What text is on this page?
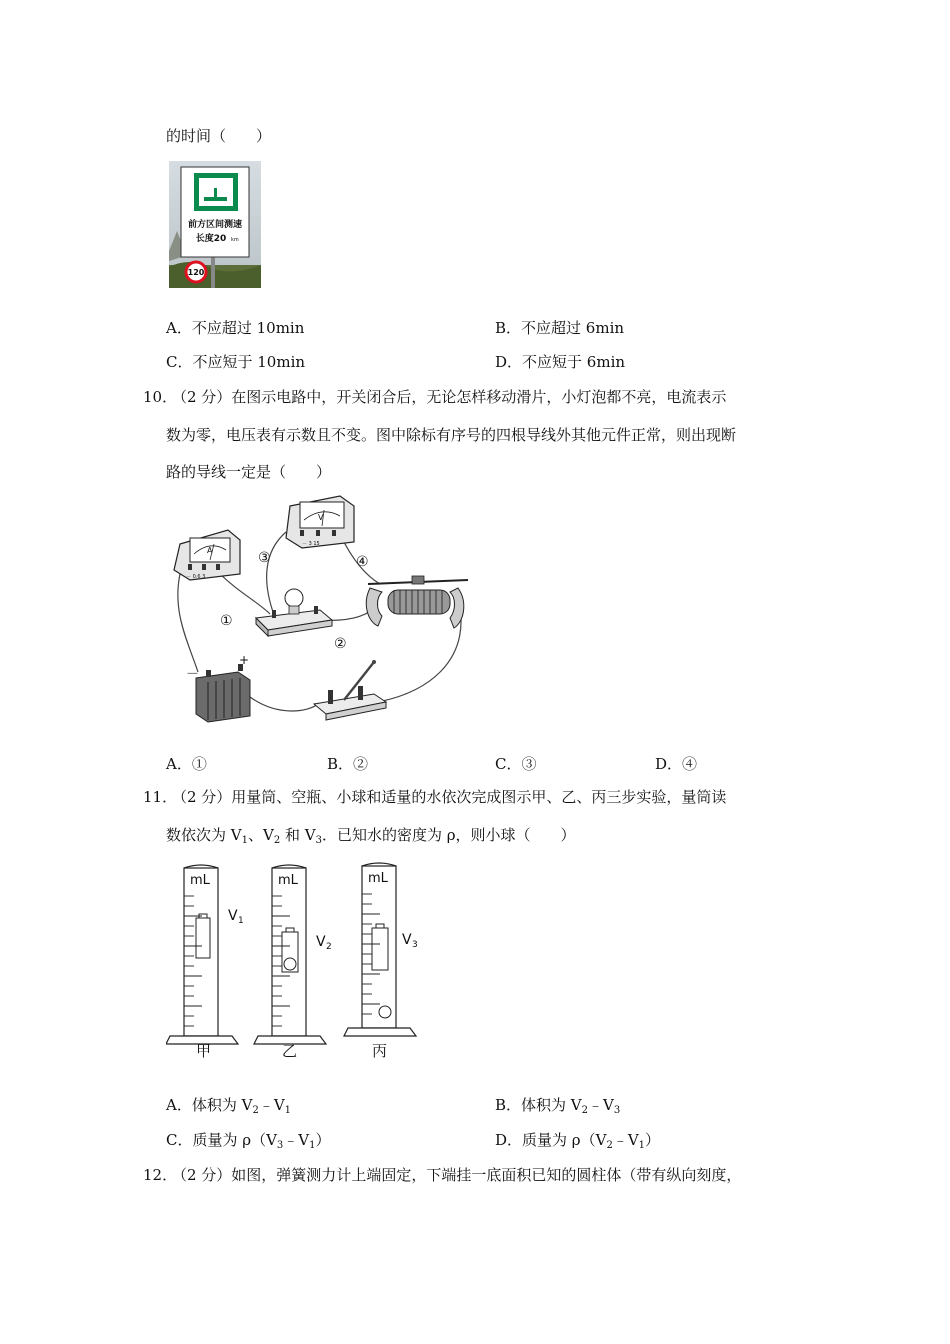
的时间（　　）
前方区间测速
长度20 km
120
A．不应超过 10min	B．不应超过 6min
C．不应短于 10min	D．不应短于 6min
10．
（2 分）在图示电路中，开关闭合后，无论怎样移动滑片，小灯泡都不亮，电流表示
数为零，电压表有示数且不变。图中除标有序号的四根导线外其他元件正常，则出现断
路的导线一定是（　　）
A
－ 0.6 3
V
－ 3 15
－
+
①
②
③	④
A．①	B．②	C．③	D．④
11．
（2 分）用量筒、空瓶、小球和适量的水依次完成图示甲、乙、丙三步实验，量筒读
数依次为 $V_1$、$V_2$ 和 $V_3$．已知水的密度为 ρ，则小球（　　）
mL
V 1
甲
mL
V 2
乙
mL
V 3
丙
A．体积为 $V_2﹣V_1$	B．体积为 $V_2﹣V_3$
C．质量为 $\rho(V_3﹣V_1)$	D．质量为 $\rho(V_2﹣V_1)$
12．
（2 分）如图，弹簧测力计上端固定，下端挂一底面积已知的圆柱体（带有纵向刻度，
